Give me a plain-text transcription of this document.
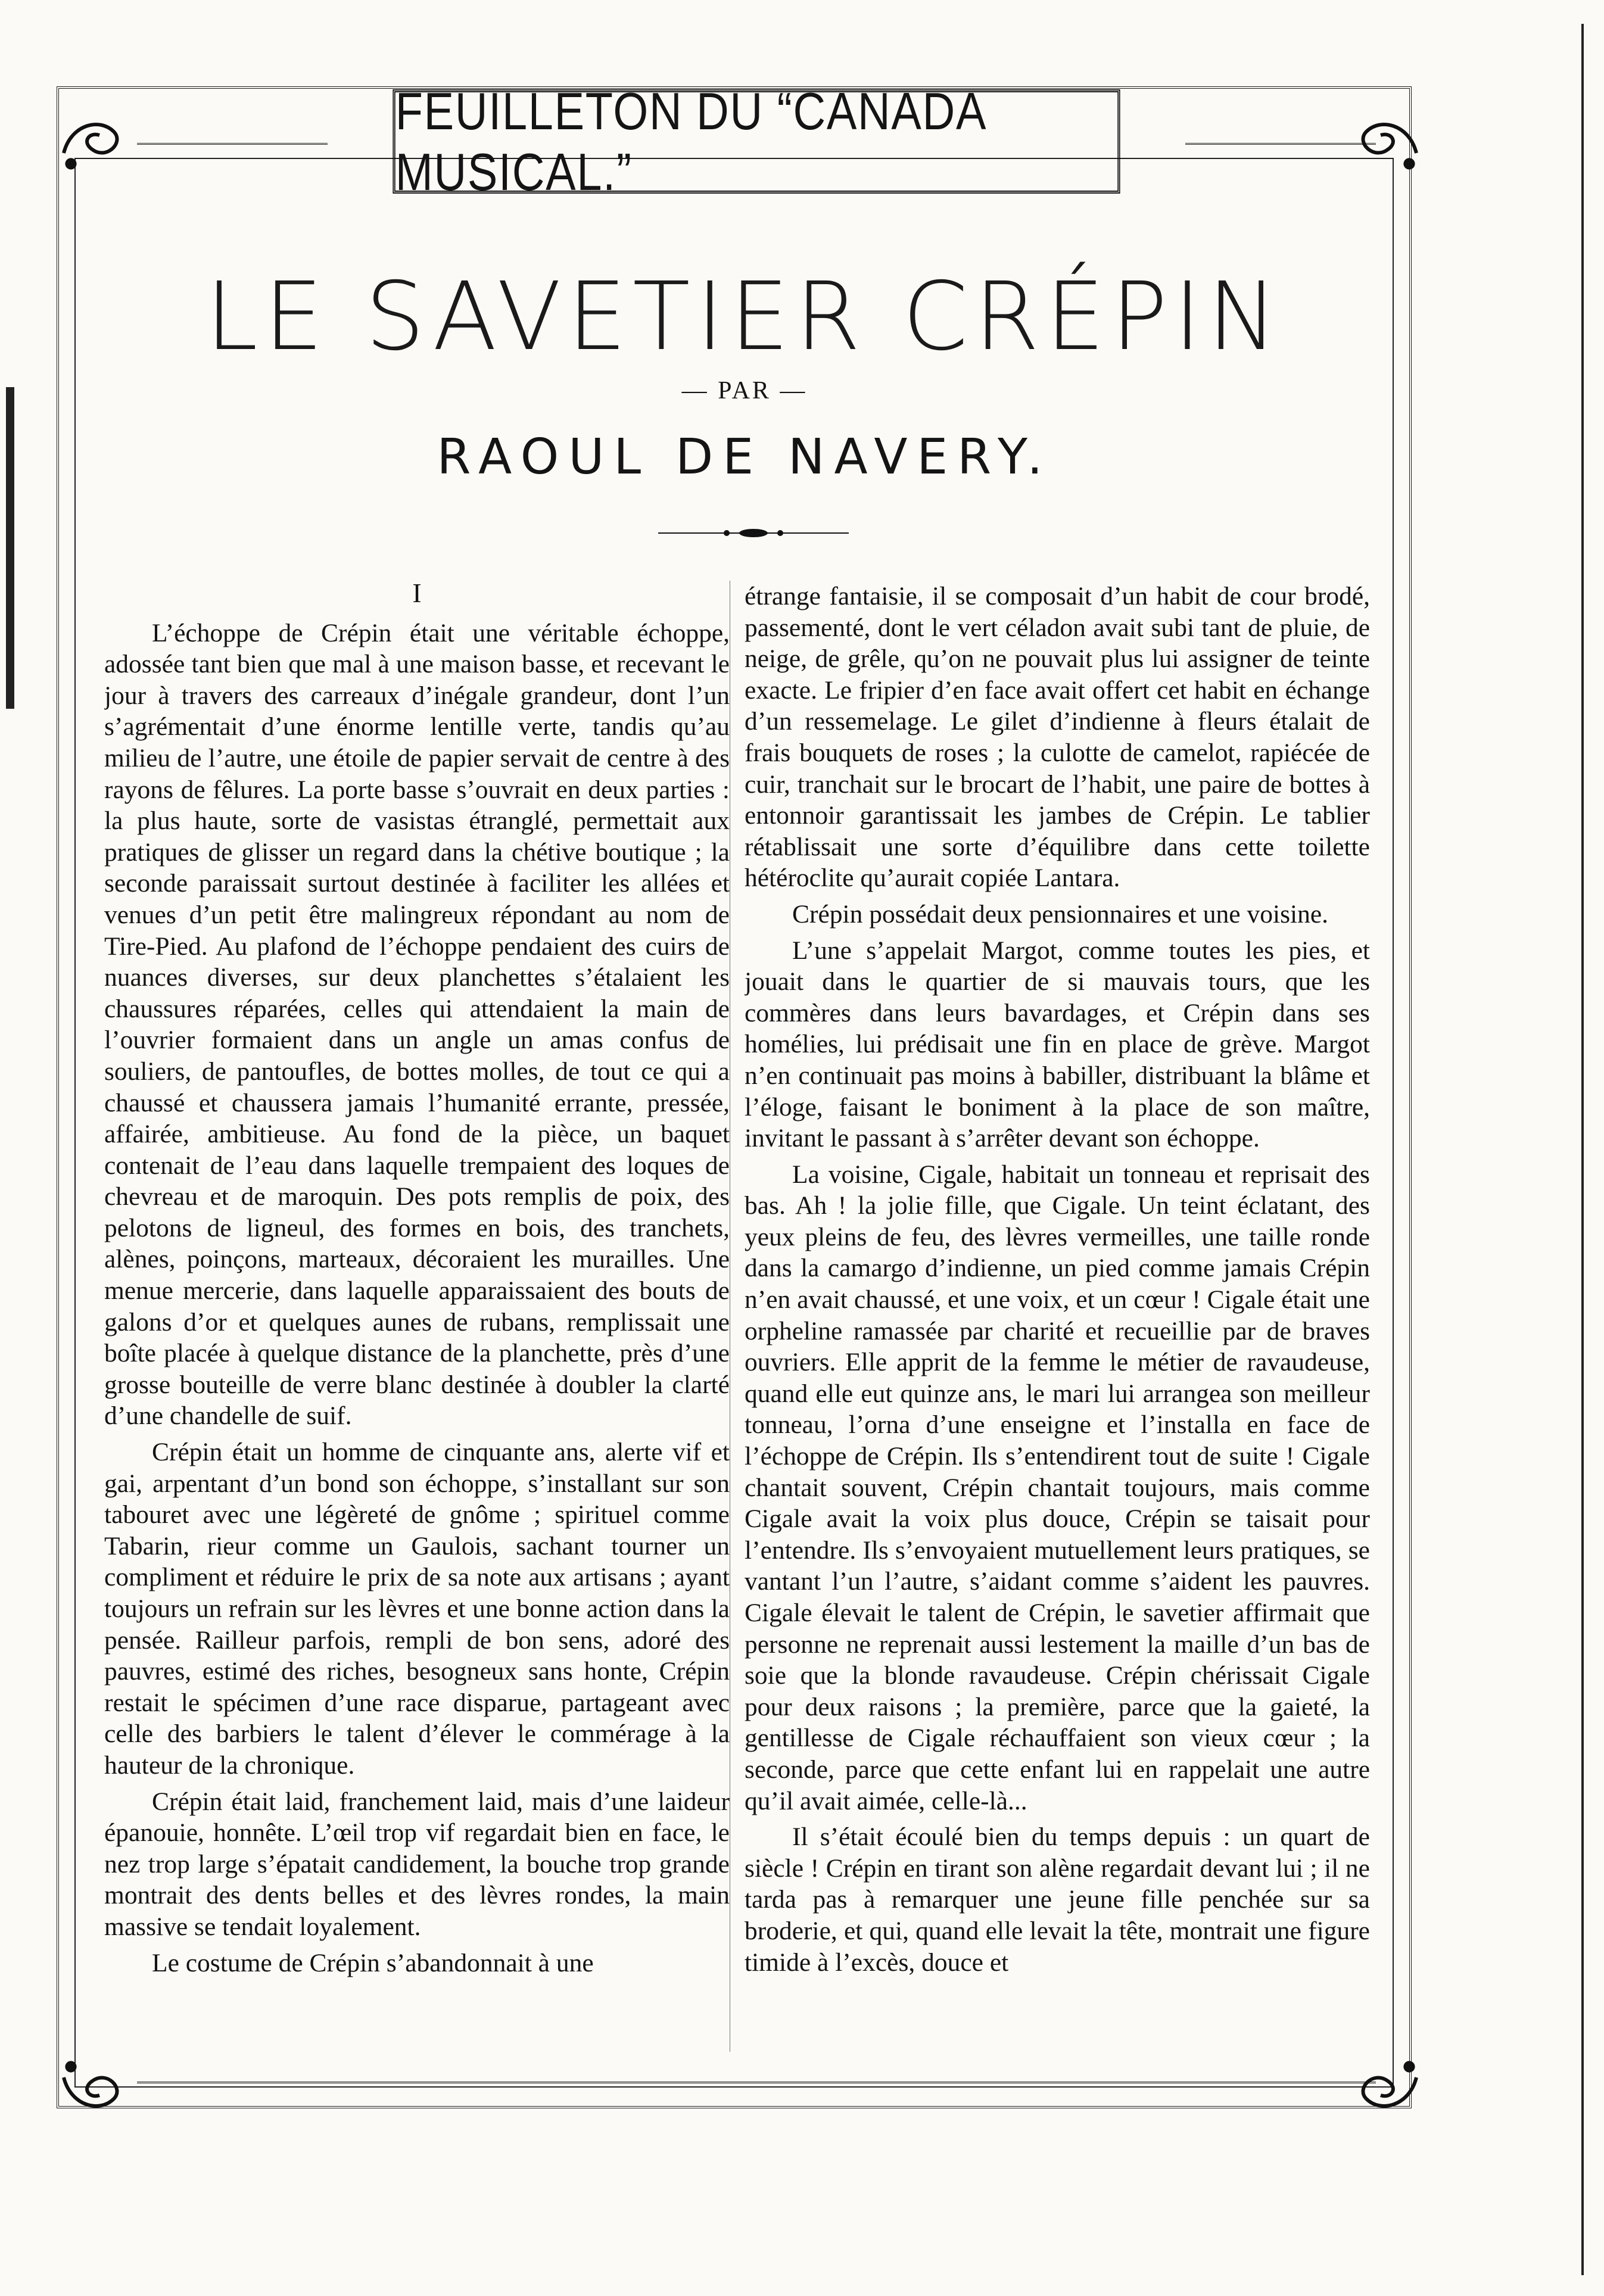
FEUILLETON DU “CANADA MUSICAL.”
LE SAVETIER CRÉPIN
— PAR —
RAOUL DE NAVERY.
I

L’échoppe de Crépin était une véritable échoppe, adossée tant bien que mal à une maison basse, et recevant le jour à travers des carreaux d’inégale grandeur, dont l’un s’agrémentait d’une énorme lentille verte, tandis qu’au milieu de l’autre, une étoile de papier servait de centre à des rayons de fêlures. La porte basse s’ouvrait en deux parties : la plus haute, sorte de vasistas étranglé, permettait aux pratiques de glisser un regard dans la chétive boutique ; la seconde paraissait surtout destinée à faciliter les allées et venues d’un petit être malingreux répondant au nom de Tire-Pied. Au plafond de l’échoppe pendaient des cuirs de nuances diverses, sur deux planchettes s’étalaient les chaussures réparées, celles qui attendaient la main de l’ouvrier formaient dans un angle un amas confus de souliers, de pantoufles, de bottes molles, de tout ce qui a chaussé et chaussera jamais l’humanité errante, pressée, affairée, ambitieuse. Au fond de la pièce, un baquet contenait de l’eau dans laquelle trempaient des loques de chevreau et de maroquin. Des pots remplis de poix, des pelotons de ligneul, des formes en bois, des tranchets, alènes, poinçons, marteaux, décoraient les murailles. Une menue mercerie, dans laquelle apparaissaient des bouts de galons d’or et quelques aunes de rubans, remplissait une boîte placée à quelque distance de la planchette, près d’une grosse bouteille de verre blanc destinée à doubler la clarté d’une chandelle de suif.

Crépin était un homme de cinquante ans, alerte vif et gai, arpentant d’un bond son échoppe, s’installant sur son tabouret avec une légèreté de gnôme ; spirituel comme Tabarin, rieur comme un Gaulois, sachant tourner un compliment et réduire le prix de sa note aux artisans ; ayant toujours un refrain sur les lèvres et une bonne action dans la pensée. Railleur parfois, rempli de bon sens, adoré des pauvres, estimé des riches, besogneux sans honte, Crépin restait le spécimen d’une race disparue, partageant avec celle des barbiers le talent d’élever le commérage à la hauteur de la chronique.

Crépin était laid, franchement laid, mais d’une laideur épanouie, honnête. L’œil trop vif regardait bien en face, le nez trop large s’épatait candidement, la bouche trop grande montrait des dents belles et des lèvres rondes, la main massive se tendait loyalement.

Le costume de Crépin s’abandonnait à une

étrange fantaisie, il se composait d’un habit de cour brodé, passementé, dont le vert céladon avait subi tant de pluie, de neige, de grêle, qu’on ne pouvait plus lui assigner de teinte exacte. Le fripier d’en face avait offert cet habit en échange d’un ressemelage. Le gilet d’indienne à fleurs étalait de frais bouquets de roses ; la culotte de camelot, rapiécée de cuir, tranchait sur le brocart de l’habit, une paire de bottes à entonnoir garantissait les jambes de Crépin. Le tablier rétablissait une sorte d’équilibre dans cette toilette hétéroclite qu’aurait copiée Lantara.

Crépin possédait deux pensionnaires et une voisine.

L’une s’appelait Margot, comme toutes les pies, et jouait dans le quartier de si mauvais tours, que les commères dans leurs bavardages, et Crépin dans ses homélies, lui prédisait une fin en place de grève. Margot n’en continuait pas moins à babiller, distribuant la blâme et l’éloge, faisant le boniment à la place de son maître, invitant le passant à s’arrêter devant son échoppe.

La voisine, Cigale, habitait un tonneau et reprisait des bas. Ah ! la jolie fille, que Cigale. Un teint éclatant, des yeux pleins de feu, des lèvres vermeilles, une taille ronde dans la camargo d’indienne, un pied comme jamais Crépin n’en avait chaussé, et une voix, et un cœur ! Cigale était une orpheline ramassée par charité et recueillie par de braves ouvriers. Elle apprit de la femme le métier de ravaudeuse, quand elle eut quinze ans, le mari lui arrangea son meilleur tonneau, l’orna d’une enseigne et l’installa en face de l’échoppe de Crépin. Ils s’entendirent tout de suite ! Cigale chantait souvent, Crépin chantait toujours, mais comme Cigale avait la voix plus douce, Crépin se taisait pour l’entendre. Ils s’envoyaient mutuellement leurs pratiques, se vantant l’un l’autre, s’aidant comme s’aident les pauvres. Cigale élevait le talent de Crépin, le savetier affirmait que personne ne reprenait aussi lestement la maille d’un bas de soie que la blonde ravaudeuse. Crépin chérissait Cigale pour deux raisons ; la première, parce que la gaieté, la gentillesse de Cigale réchauffaient son vieux cœur ; la seconde, parce que cette enfant lui en rappelait une autre qu’il avait aimée, celle-là...

Il s’était écoulé bien du temps depuis : un quart de siècle ! Crépin en tirant son alène regardait devant lui ; il ne tarda pas à remarquer une jeune fille penchée sur sa broderie, et qui, quand elle levait la tête, montrait une figure timide à l’excès, douce et
